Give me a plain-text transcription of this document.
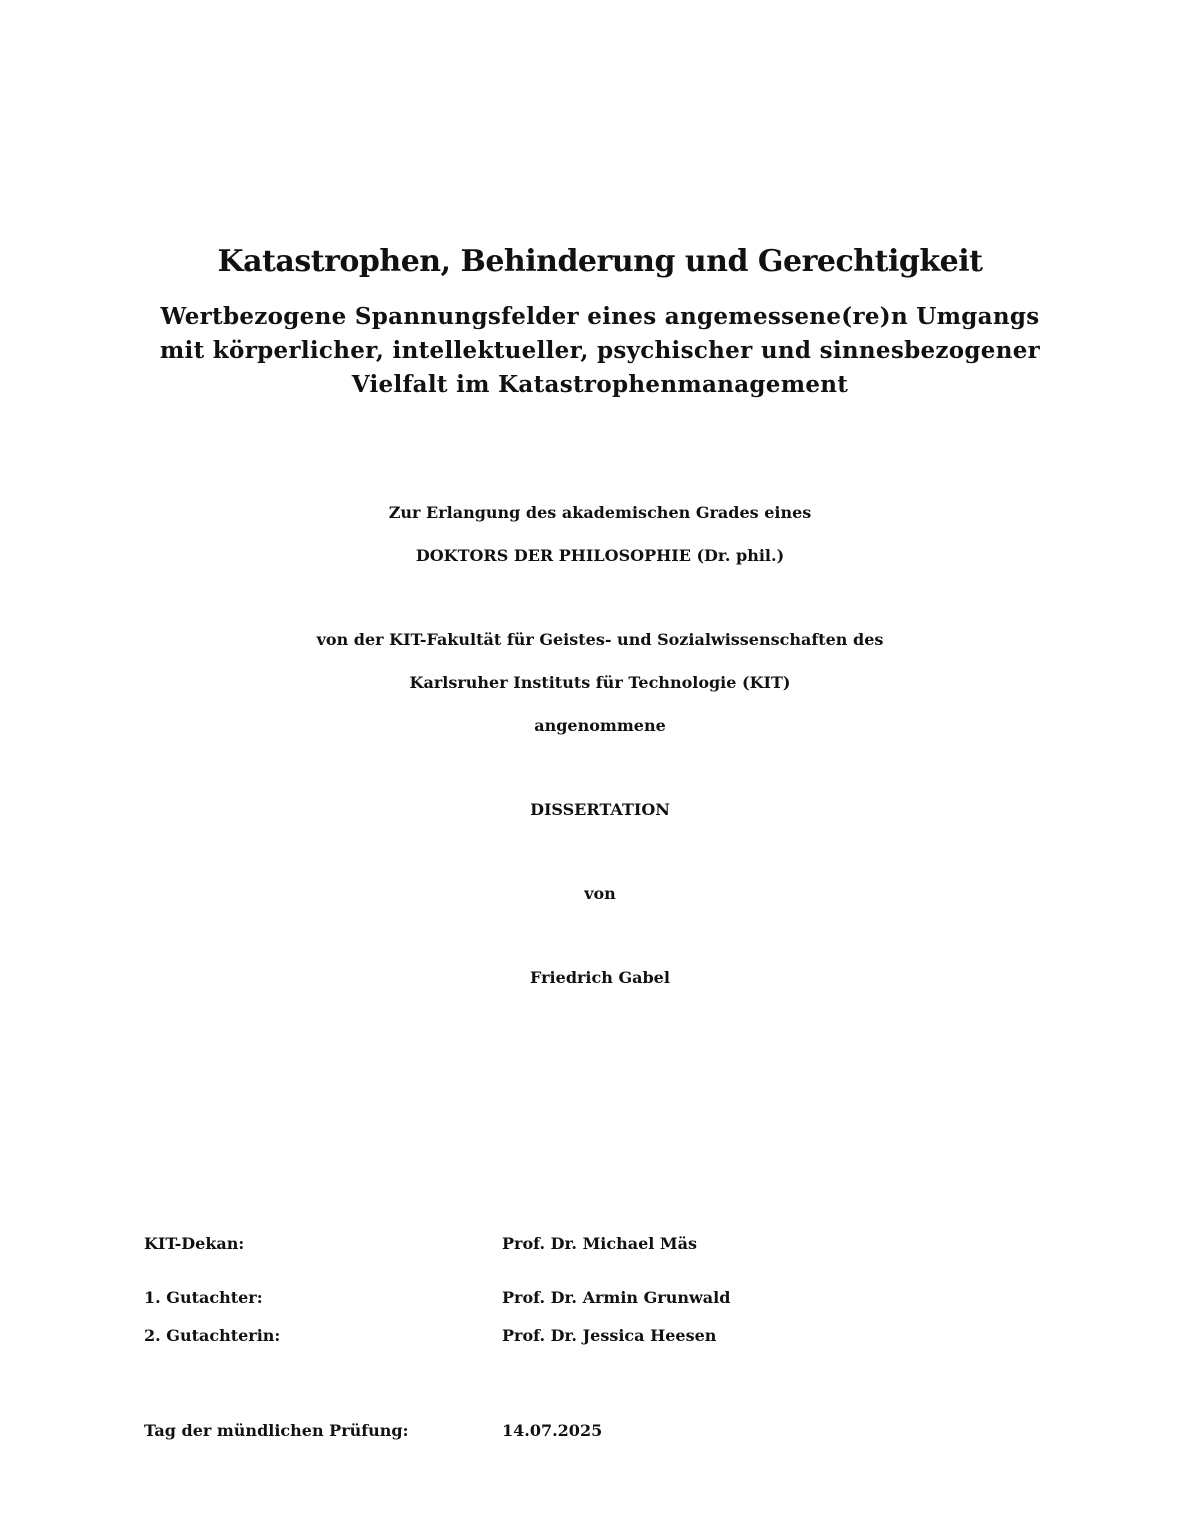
Katastrophen, Behinderung und Gerechtigkeit
Wertbezogene Spannungsfelder eines angemessene(re)n Umgangs
mit körperlicher, intellektueller, psychischer und sinnesbezogener
Vielfalt im Katastrophenmanagement
Zur Erlangung des akademischen Grades eines
DOKTORS DER PHILOSOPHIE (Dr. phil.)
von der KIT-Fakultät für Geistes- und Sozialwissenschaften des
Karlsruher Instituts für Technologie (KIT)
angenommene
DISSERTATION
von
Friedrich Gabel
KIT-Dekan:	Prof. Dr. Michael Mäs
1. Gutachter:	Prof. Dr. Armin Grunwald
2. Gutachterin:	Prof. Dr. Jessica Heesen
Tag der mündlichen Prüfung:	14.07.2025
